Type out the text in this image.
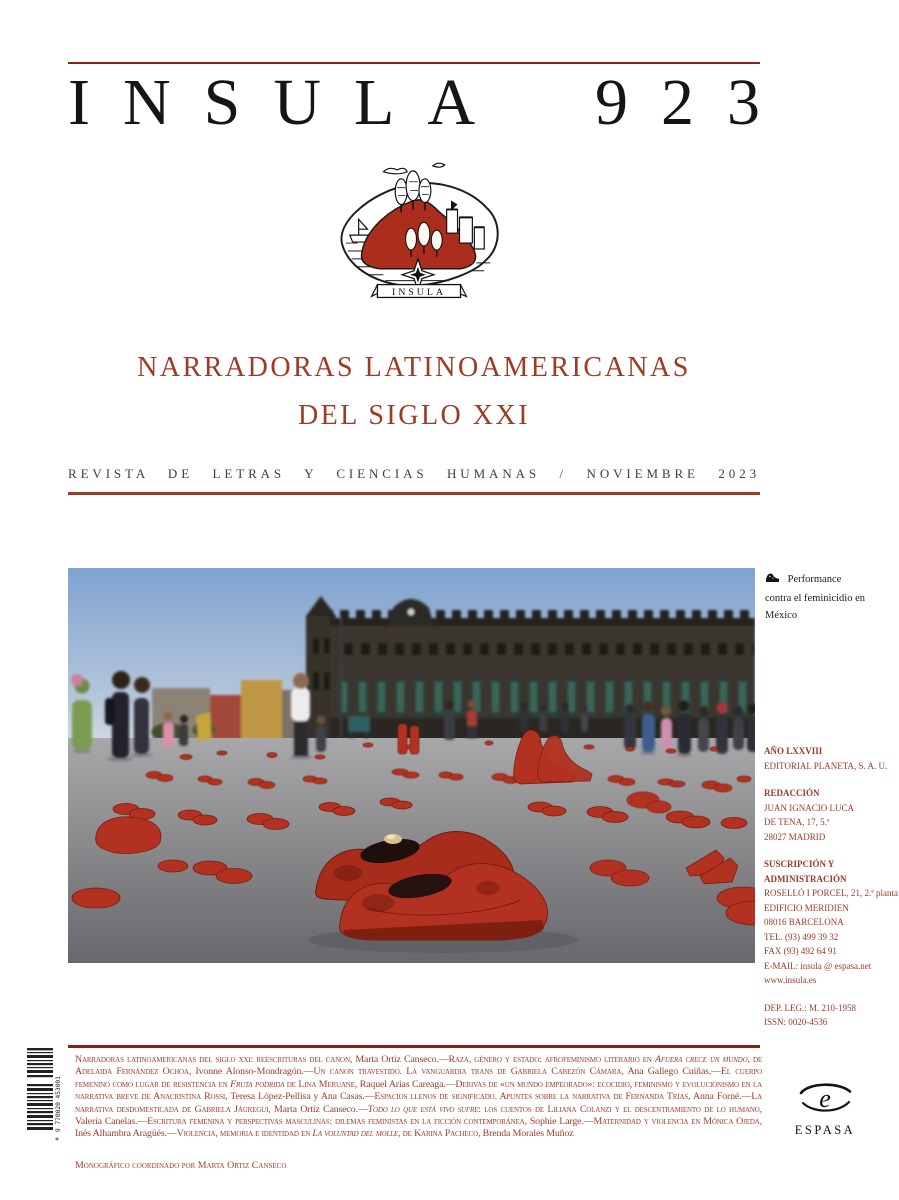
INSULA 923
INSULA
NARRADORAS LATINOAMERICANAS
DEL SIGLO XXI
REVISTA DE LETRAS Y CIENCIAS HUMANAS / NOVIEMBRE 2023
Performance
contra el feminicidio en
México
AÑO LXXVIII
EDITORIAL PLANETA, S. A. U.
REDACCIÓN
JUAN IGNACIO LUCA
DE TENA, 17, 5.ª
28027 MADRID
SUSCRIPCIÓN Y
ADMINISTRACIÓN
ROSELLÓ I PORCEL, 21, 2.ª planta
EDIFICIO MERIDIEN
08016 BARCELONA
TEL. (93) 499 39 32
FAX (93) 492 64 91
E-MAIL: insula @ espasa.net
www.insula.es
DEP. LEG.: M. 210-1958
ISSN: 0020-4536
Narradoras latinoamericanas del siglo xxi: reescrituras del canon, Marta Ortiz Canseco.—Raza, género y estado: afrofeminismo literario en Afuera crece un mundo, de Adelaida Fernández Ochoa, Ivonne Alonso-Mondragón.—Un canon travestido. La vanguardia trans de Gabriela Cabezón Cámara, Ana Gallego Cuiñas.—El cuerpo femenino como lugar de resistencia en Fruta podrida de Lina Meruane, Raquel Arias Careaga.—Derivas de «un mundo empeorado»: ecocidio, feminismo y evolucionismo en la narrativa breve de Anacristina Rossi, Teresa López-Pellisa y Ana Casas.—Espacios llenos de significado. Apuntes sobre la narrativa de Fernanda Trías, Anna Forné.—La narrativa desdomesticada de Gabriela Jáuregui, Marta Ortiz Canseco.—Todo lo que está vivo sufre: los cuentos de Liliana Colanzi y el descentramiento de lo humano, Valeria Canelas.—Escritura femenina y perspectivas masculinas: dilemas feministas en la ficción contemporánea, Sophie Large.—Maternidad y violencia en Mónica Ojeda, Inés Alhambra Aragüés.—Violencia, memoria e identidad en La voluntad del molle, de Karina Pacheco, Brenda Morales Muñoz
Monográfico coordinado por Marta Ortiz Canseco
9 770020 453001
*
e
ESPASA
